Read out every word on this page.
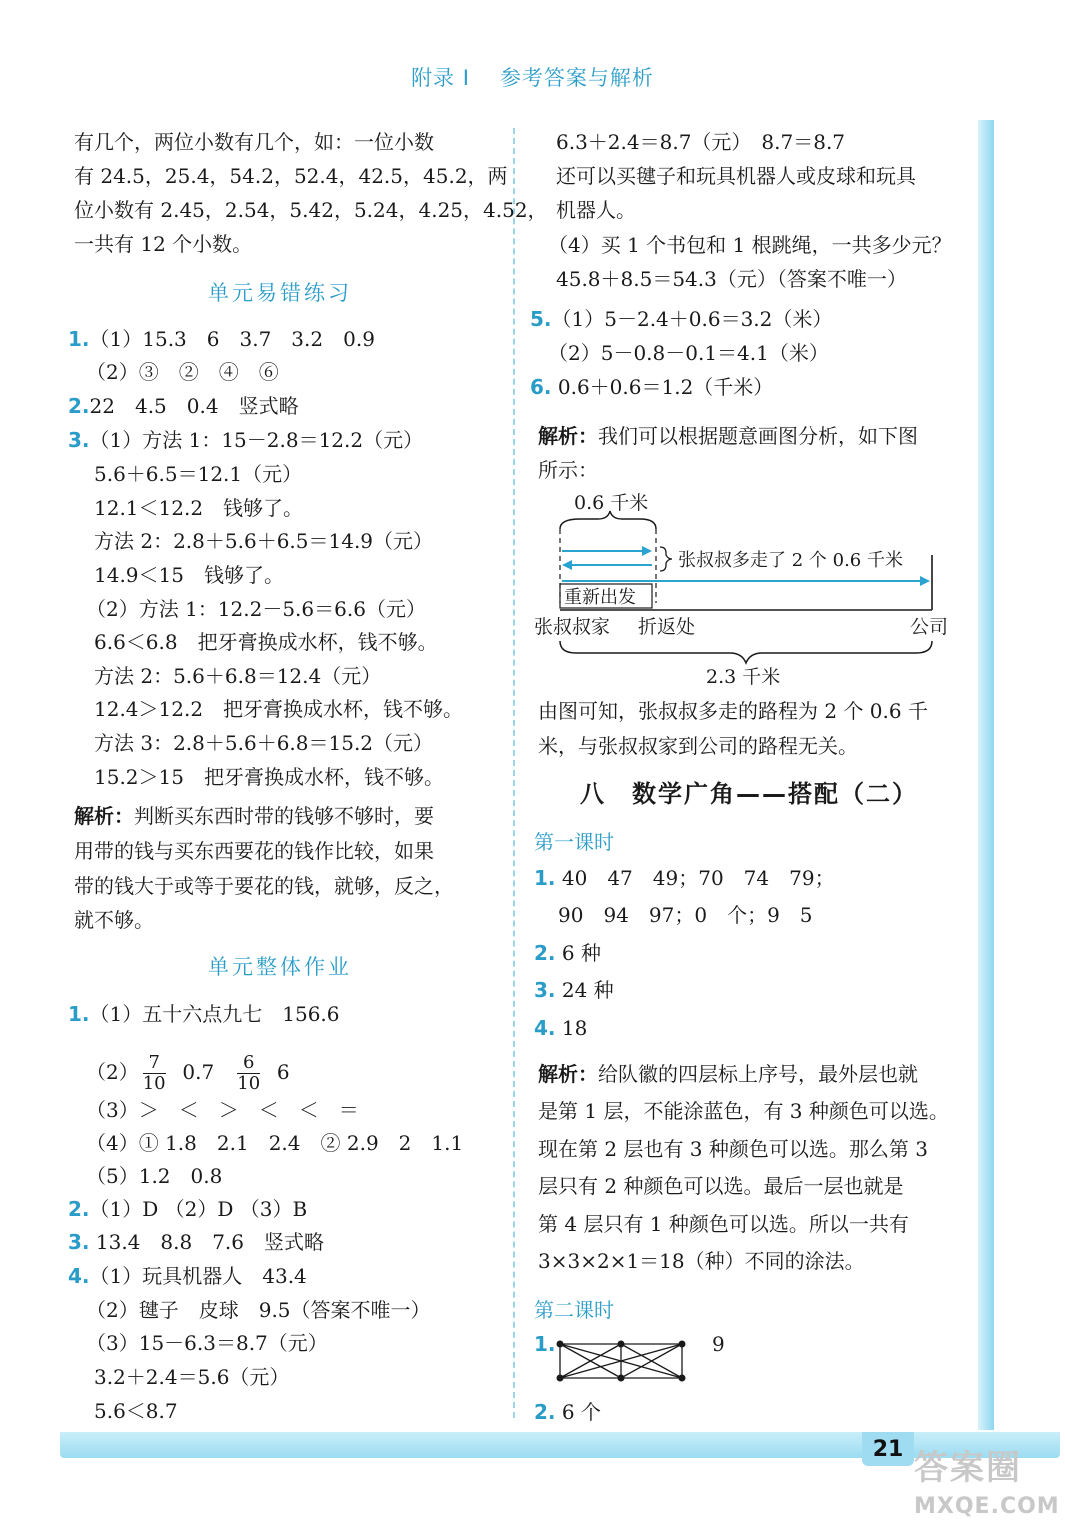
21 答案圈
MXQE.COM
附录 I 参考答案与解析
有几个，两位小数有几个，如：一位小数
有 24.5，25.4，54.2，52.4，42.5，45.2，两
位小数有 2.45，2.54，5.42，5.24，4.25，4.52，
一共有 12 个小数。
单元易错练习
1.（1）15.3　6　3.7　3.2　0.9
（2）③　②　④　⑥
2.22　4.5　0.4　竖式略
3.（1）方法 1：15－2.8＝12.2（元）
5.6＋6.5＝12.1（元）
12.1＜12.2　钱够了。
方法 2：2.8＋5.6＋6.5＝14.9（元）
14.9＜15　钱够了。
（2）方法 1：12.2－5.6＝6.6（元）
6.6＜6.8　把牙膏换成水杯，钱不够。
方法 2：5.6＋6.8＝12.4（元）
12.4＞12.2　把牙膏换成水杯，钱不够。
方法 3：2.8＋5.6＋6.8＝15.2（元）
15.2＞15　把牙膏换成水杯，钱不够。
解析：判断买东西时带的钱够不够时，要
用带的钱与买东西要花的钱作比较，如果
带的钱大于或等于要花的钱，就够，反之，
就不够。
单元整体作业
1.（1）五十六点九七　156.6
$(2) \frac{7}{10} 0.7 \frac{6}{10} 6$
（3）＞　＜　＞　＜　＜　＝
（4）① 1.8　2.1　2.4　② 2.9　2　1.1
（5）1.2　0.8
2.（1）D （2）D （3）B
3. 13.4　8.8　7.6　竖式略
4.（1）玩具机器人　43.4
（2）毽子　皮球　9.5（答案不唯一）
（3）15－6.3＝8.7（元）
3.2＋2.4＝5.6（元）
5.6＜8.7
6.3＋2.4＝8.7（元）　8.7＝8.7
还可以买毽子和玩具机器人或皮球和玩具
机器人。
（4）买 1 个书包和 1 根跳绳，一共多少元？
45.8＋8.5＝54.3（元）（答案不唯一）
5.（1）5－2.4＋0.6＝3.2（米）
（2）5－0.8－0.1＝4.1（米）
6. 0.6＋0.6＝1.2（千米）
解析：我们可以根据题意画图分析，如下图
所示：
0.6 千米
张叔叔多走了 2 个 0.6 千米
重新出发
张叔叔家 折返处	公司
2.3 千米
由图可知，张叔叔多走的路程为 2 个 0.6 千
米，与张叔叔家到公司的路程无关。
八　数学广角——搭配（二）
第一课时
1. 40　47　49；70　74　79；
90　94　97；0　个；9　5
2. 6 种
3. 24 种
4. 18
解析：给队徽的四层标上序号，最外层也就
是第 1 层，不能涂蓝色，有 3 种颜色可以选。
现在第 2 层也有 3 种颜色可以选。那么第 3
层只有 2 种颜色可以选。最后一层也就是
第 4 层只有 1 种颜色可以选。所以一共有
3×3×2×1＝18（种）不同的涂法。
第二课时
1.	9
2. 6 个
